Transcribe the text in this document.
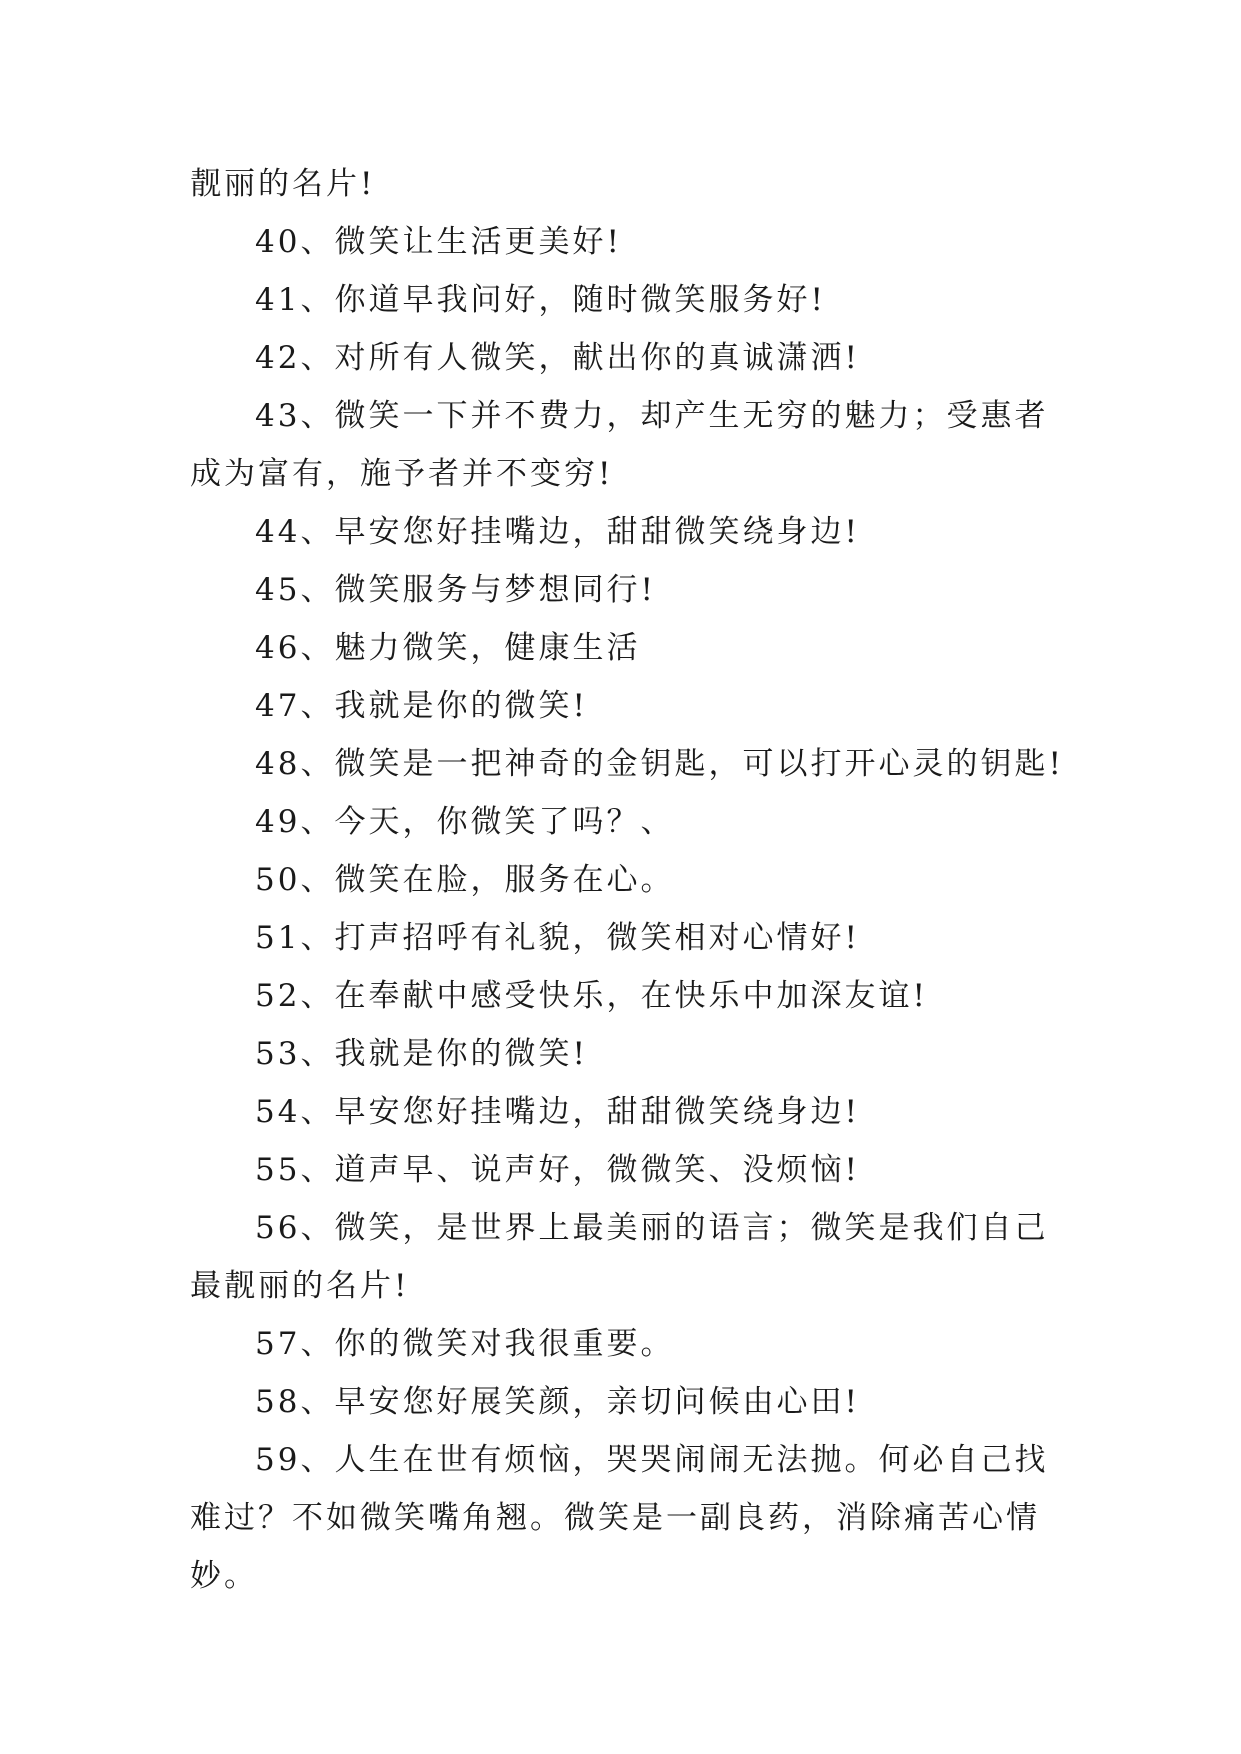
靓丽的名片!

40、微笑让生活更美好!

41、你道早我问好，随时微笑服务好!

42、对所有人微笑，献出你的真诚潇洒!

43、微笑一下并不费力，却产生无穷的魅力；受惠者成为富有，施予者并不变穷!

44、早安您好挂嘴边，甜甜微笑绕身边!

45、微笑服务与梦想同行!

46、魅力微笑，健康生活

47、我就是你的微笑!

48、微笑是一把神奇的金钥匙，可以打开心灵的钥匙!

49、今天，你微笑了吗？、

50、微笑在脸，服务在心。

51、打声招呼有礼貌，微笑相对心情好!

52、在奉献中感受快乐，在快乐中加深友谊!

53、我就是你的微笑!

54、早安您好挂嘴边，甜甜微笑绕身边!

55、道声早、说声好，微微笑、没烦恼!

56、微笑，是世界上最美丽的语言；微笑是我们自己最靓丽的名片!

57、你的微笑对我很重要。

58、早安您好展笑颜，亲切问候由心田!

59、人生在世有烦恼，哭哭闹闹无法抛。何必自己找难过？不如微笑嘴角翘。微笑是一副良药，消除痛苦心情妙。
